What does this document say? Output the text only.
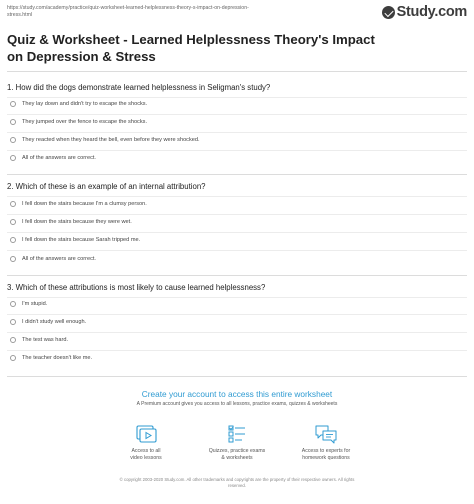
https://study.com/academy/practice/quiz-worksheet-learned-helplessness-theory-s-impact-on-depression-
stress.html	Study.com
Quiz & Worksheet - Learned Helplessness Theory's Impact
on Depression & Stress
1. How did the dogs demonstrate learned helplessness in Seligman's study?
They lay down and didn't try to escape the shocks.
They jumped over the fence to escape the shocks.
They reacted when they heard the bell, even before they were shocked.
All of the answers are correct.
2. Which of these is an example of an internal attribution?
I fell down the stairs because I'm a clumsy person.
I fell down the stairs because they were wet.
I fell down the stairs because Sarah tripped me.
All of the answers are correct.
3. Which of these attributions is most likely to cause learned helplessness?
I'm stupid.
I didn't study well enough.
The test was hard.
The teacher doesn't like me.
Create your account to access this entire worksheet
A Premium account gives you access to all lessons, practice exams, quizzes & worksheets
Access to all
video lessons
Quizzes, practice exams
& worksheets
Access to experts for
homework questions
© copyright 2003-2020 Study.com. All other trademarks and copyrights are the property of their respective owners. All rights
reserved.
